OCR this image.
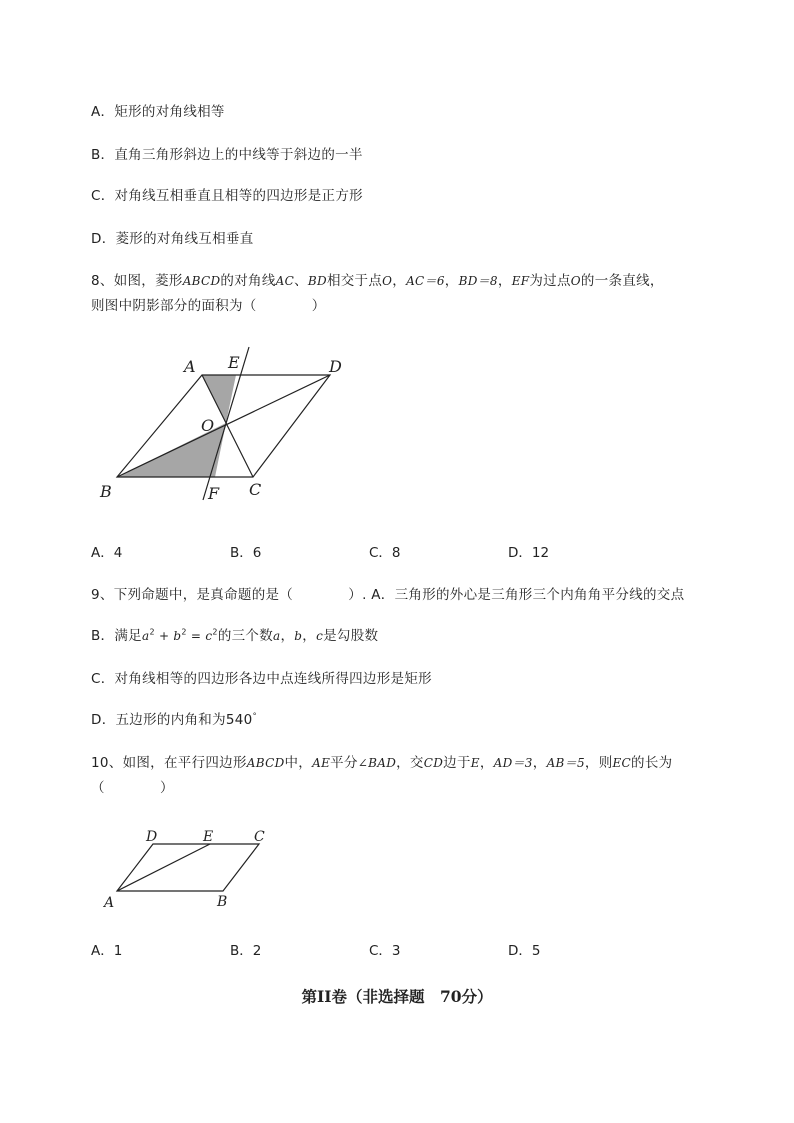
A．矩形的对角线相等
B．直角三角形斜边上的中线等于斜边的一半
C．对角线互相垂直且相等的四边形是正方形
D．菱形的对角线互相垂直
8、如图，菱形ABCD的对角线AC、BD相交于点O，AC＝6，BD＝8，EF为过点O的一条直线，
则图中阴影部分的面积为（　　　　）
A E	D
O
B	F C
A．4	B．6	C．8	D．12
9、下列命题中，是真命题的是（　　　　）. A．三角形的外心是三角形三个内角角平分线的交点
B．满足$a^2 + b^2 = c^2$的三个数a，b，c是勾股数
C．对角线相等的四边形各边中点连线所得四边形是矩形
D．五边形的内角和为540°
10、如图，在平行四边形ABCD中，AE平分∠BAD，交CD边于E，AD＝3，AB＝5，则EC的长为
（　　　　）
D	E	C
A	B
A．1	B．2	C．3	D．5
第II卷（非选择题　70分）
